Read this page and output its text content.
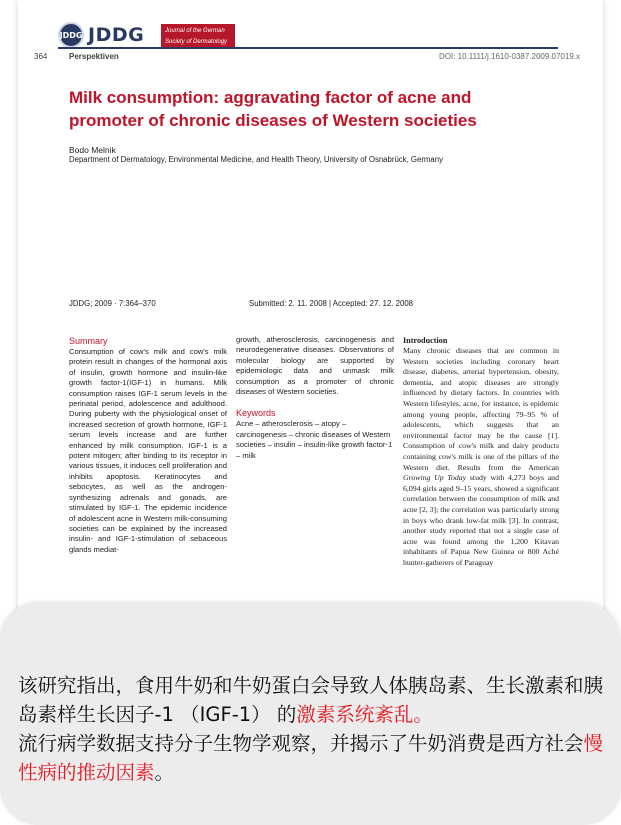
JDDG JDDG	Journal of the German
Society of Dermatology
364	Perspektiven	DOI: 10.1111/j.1610-0387.2009.07019.x
Milk consumption: aggravating factor of acne and promoter of chronic diseases of Western societies
Bodo Melnik
Department of Dermatology, Environmental Medicine, and Health Theory, University of Osnabrück, Germany
JDDG; 2009 · 7:364–370	Submitted: 2. 11. 2008 | Accepted: 27. 12. 2008
Summary
Consumption of cow's milk and cow's milk protein result in changes of the hormonal axis of insulin, growth hormone and insulin-like growth factor-1(IGF-1) in humans. Milk consumption raises IGF-1 serum levels in the perinatal period, adolescence and adulthood. During puberty with the physiological onset of increased secretion of growth hormone, IGF-1 serum levels increase and are further enhanced by milk consumption. IGF-1 is a potent mitogen; after binding to its receptor in various tissues, it induces cell proliferation and inhibits apoptosis. Keratinocytes and sebocytes, as well as the androgen-synthesizing adrenals and gonads, are stimulated by IGF-1. The epidemic incidence of adolescent acne in Western milk-consuming societies can be explained by the increased insulin- and IGF-1-stimulation of sebaceous glands mediat-
growth, atherosclerosis, carcinogenesis and neurodegenerative diseases. Observations of molecular biology are supported by epidemiologic data and unmask milk consumption as a promoter of chronic diseases of Western societies.
Keywords
Acne – atherosclerosis – atopy – carcinogenesis – chronic diseases of Western societies – insulin – insulin-like growth factor-1 – milk
Introduction
Many chronic diseases that are common in Western societies including coronary heart disease, diabetes, arterial hypertension, obesity, dementia, and atopic diseases are strongly influenced by dietary factors. In countries with Western lifestyles, acne, for instance, is epidemic among young people, affecting 79–95 % of adolescents, which suggests that an environmental factor may be the cause [1]. Consumption of cow's milk and dairy products containing cow's milk is one of the pillars of the Western diet. Results from the American Growing Up Today study with 4,273 boys and 6,094 girls aged 9–15 years, showed a significant correlation between the consumption of milk and acne [2, 3]; the correlation was particularly strong in boys who drank low-fat milk [3]. In contrast, another study reported that not a single case of acne was found among the 1,200 Kitavan inhabitants of Papua New Guinea or 800 Aché hunter-gatherers of Paraguay
该研究指出，食用牛奶和牛奶蛋白会导致人体胰岛素、生长激素和胰岛素样生长因子-1 （IGF-1） 的激素系统紊乱。
流行病学数据支持分子生物学观察，并揭示了牛奶消费是西方社会慢性病的推动因素。
